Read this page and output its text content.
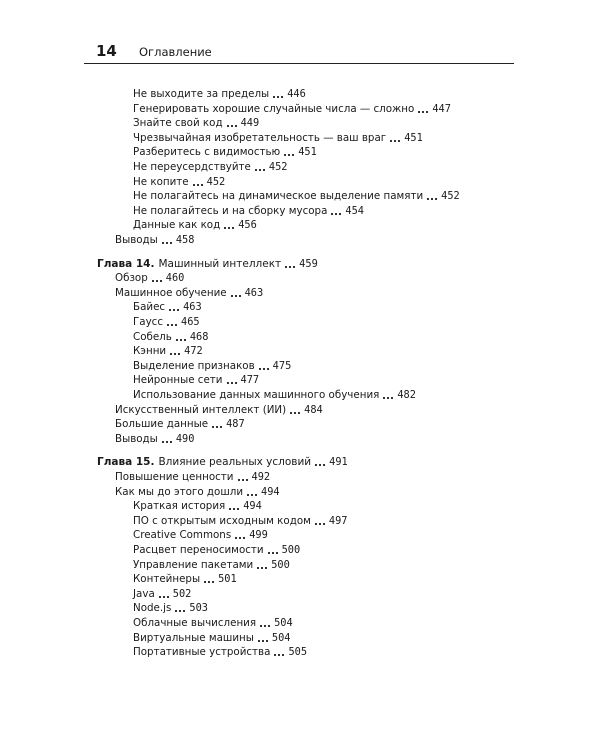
14 Оглавление
Не выходите за пределы 446
Генерировать хорошие случайные числа — сложно 447
Знайте свой код 449
Чрезвычайная изобретательность — ваш враг 451
Разберитесь с видимостью 451
Не переусердствуйте 452
Не копите 452
Не полагайтесь на динамическое выделение памяти 452
Не полагайтесь и на сборку мусора 454
Данные как код 456
Выводы 458
Глава 14. Машинный интеллект 459
Обзор 460
Машинное обучение 463
Байес 463
Гаусс 465
Собель 468
Кэнни 472
Выделение признаков 475
Нейронные сети 477
Использование данных машинного обучения 482
Искусственный интеллект (ИИ) 484
Большие данные 487
Выводы 490
Глава 15. Влияние реальных условий 491
Повышение ценности 492
Как мы до этого дошли 494
Краткая история 494
ПО с открытым исходным кодом 497
Creative Commons 499
Расцвет переносимости 500
Управление пакетами 500
Контейнеры 501
Java 502
Node.js 503
Облачные вычисления 504
Виртуальные машины 504
Портативные устройства 505
